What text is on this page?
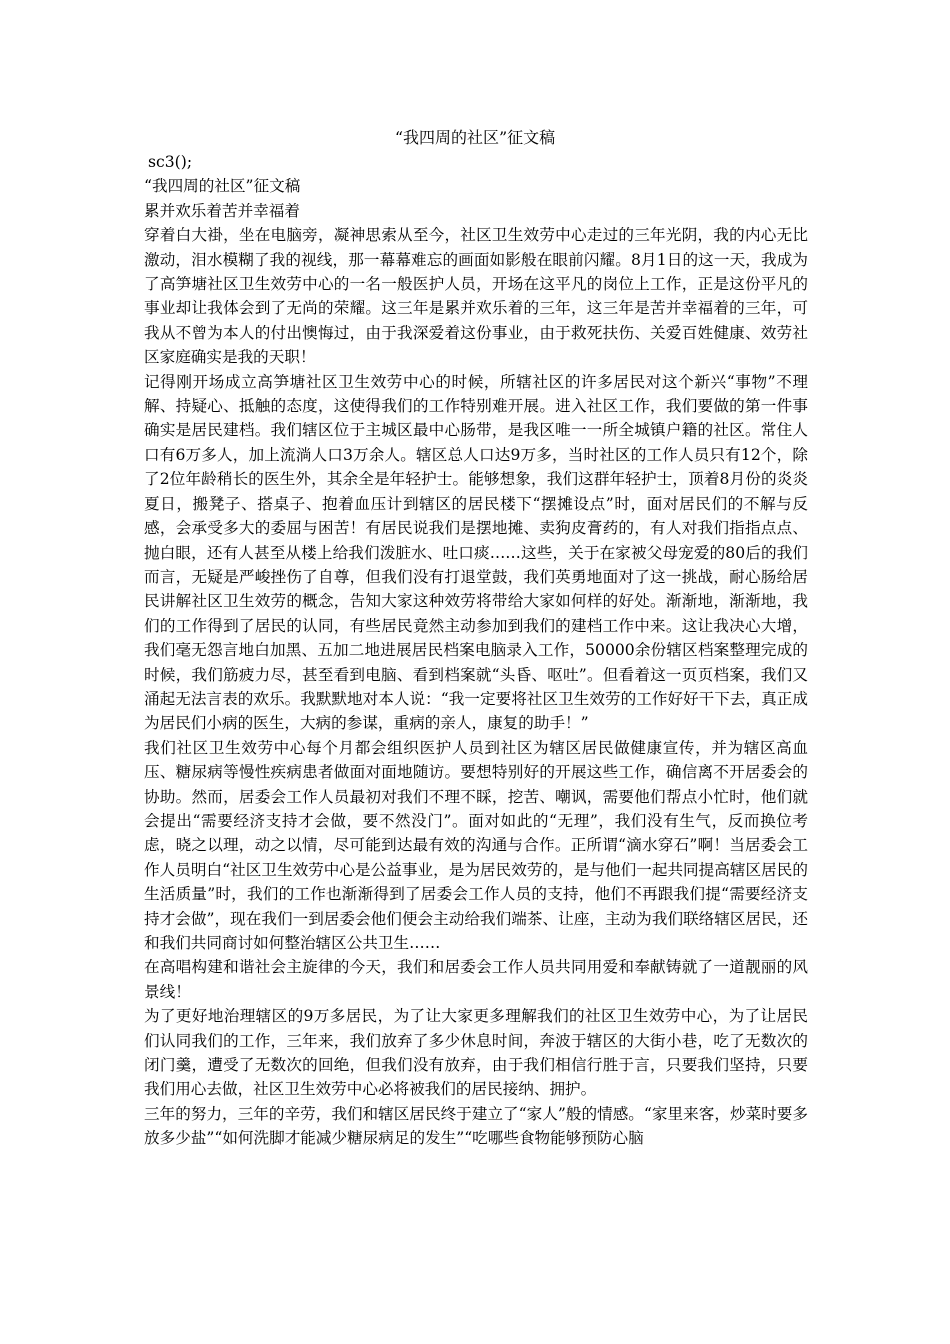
“我四周的社区”征文稿

sc3();

“我四周的社区”征文稿

累并欢乐着苦并幸福着

穿着白大褂，坐在电脑旁，凝神思索从至今，社区卫生效劳中心走过的三年光阴，我的内心无比激动，泪水模糊了我的视线，那一幕幕难忘的画面如影般在眼前闪耀。8月1日的这一天，我成为了高笋塘社区卫生效劳中心的一名一般医护人员，开场在这平凡的岗位上工作，正是这份平凡的事业却让我体会到了无尚的荣耀。这三年是累并欢乐着的三年，这三年是苦并幸福着的三年，可我从不曾为本人的付出懊悔过，由于我深爱着这份事业，由于救死扶伤、关爱百姓健康、效劳社区家庭确实是我的天职！

记得刚开场成立高笋塘社区卫生效劳中心的时候，所辖社区的许多居民对这个新兴“事物”不理解、持疑心、抵触的态度，这使得我们的工作特别难开展。进入社区工作，我们要做的第一件事确实是居民建档。我们辖区位于主城区最中心肠带，是我区唯一一所全城镇户籍的社区。常住人口有6万多人，加上流淌人口3万余人。辖区总人口达9万多，当时社区的工作人员只有12个，除了2位年龄稍长的医生外，其余全是年轻护士。能够想象，我们这群年轻护士，顶着8月份的炎炎夏日，搬凳子、搭桌子、抱着血压计到辖区的居民楼下“摆摊设点”时，面对居民们的不解与反感，会承受多大的委屈与困苦！有居民说我们是摆地摊、卖狗皮膏药的，有人对我们指指点点、抛白眼，还有人甚至从楼上给我们泼脏水、吐口痰……这些，关于在家被父母宠爱的80后的我们而言，无疑是严峻挫伤了自尊，但我们没有打退堂鼓，我们英勇地面对了这一挑战，耐心肠给居民讲解社区卫生效劳的概念，告知大家这种效劳将带给大家如何样的好处。渐渐地，渐渐地，我们的工作得到了居民的认同，有些居民竟然主动参加到我们的建档工作中来。这让我决心大增，我们毫无怨言地白加黑、五加二地进展居民档案电脑录入工作，50000余份辖区档案整理完成的时候，我们筋疲力尽，甚至看到电脑、看到档案就“头昏、呕吐”。但看着这一页页档案，我们又涌起无法言表的欢乐。我默默地对本人说：“我一定要将社区卫生效劳的工作好好干下去，真正成为居民们小病的医生，大病的参谋，重病的亲人，康复的助手！”

我们社区卫生效劳中心每个月都会组织医护人员到社区为辖区居民做健康宣传，并为辖区高血压、糖尿病等慢性疾病患者做面对面地随访。要想特别好的开展这些工作，确信离不开居委会的协助。然而，居委会工作人员最初对我们不理不睬，挖苦、嘲讽，需要他们帮点小忙时，他们就会提出“需要经济支持才会做，要不然没门”。面对如此的“无理”，我们没有生气，反而换位考虑，晓之以理，动之以情，尽可能到达最有效的沟通与合作。正所谓“滴水穿石”啊！当居委会工作人员明白“社区卫生效劳中心是公益事业，是为居民效劳的，是与他们一起共同提高辖区居民的生活质量”时，我们的工作也渐渐得到了居委会工作人员的支持，他们不再跟我们提“需要经济支持才会做”，现在我们一到居委会他们便会主动给我们端茶、让座，主动为我们联络辖区居民，还和我们共同商讨如何整治辖区公共卫生……

在高唱构建和谐社会主旋律的今天，我们和居委会工作人员共同用爱和奉献铸就了一道靓丽的风景线！

为了更好地治理辖区的9万多居民，为了让大家更多理解我们的社区卫生效劳中心，为了让居民们认同我们的工作，三年来，我们放弃了多少休息时间，奔波于辖区的大街小巷，吃了无数次的闭门羹，遭受了无数次的回绝，但我们没有放弃，由于我们相信行胜于言，只要我们坚持，只要我们用心去做，社区卫生效劳中心必将被我们的居民接纳、拥护。

三年的努力，三年的辛劳，我们和辖区居民终于建立了“家人”般的情感。“家里来客，炒菜时要多放多少盐”“如何洗脚才能减少糖尿病足的发生”“吃哪些食物能够预防心脑
